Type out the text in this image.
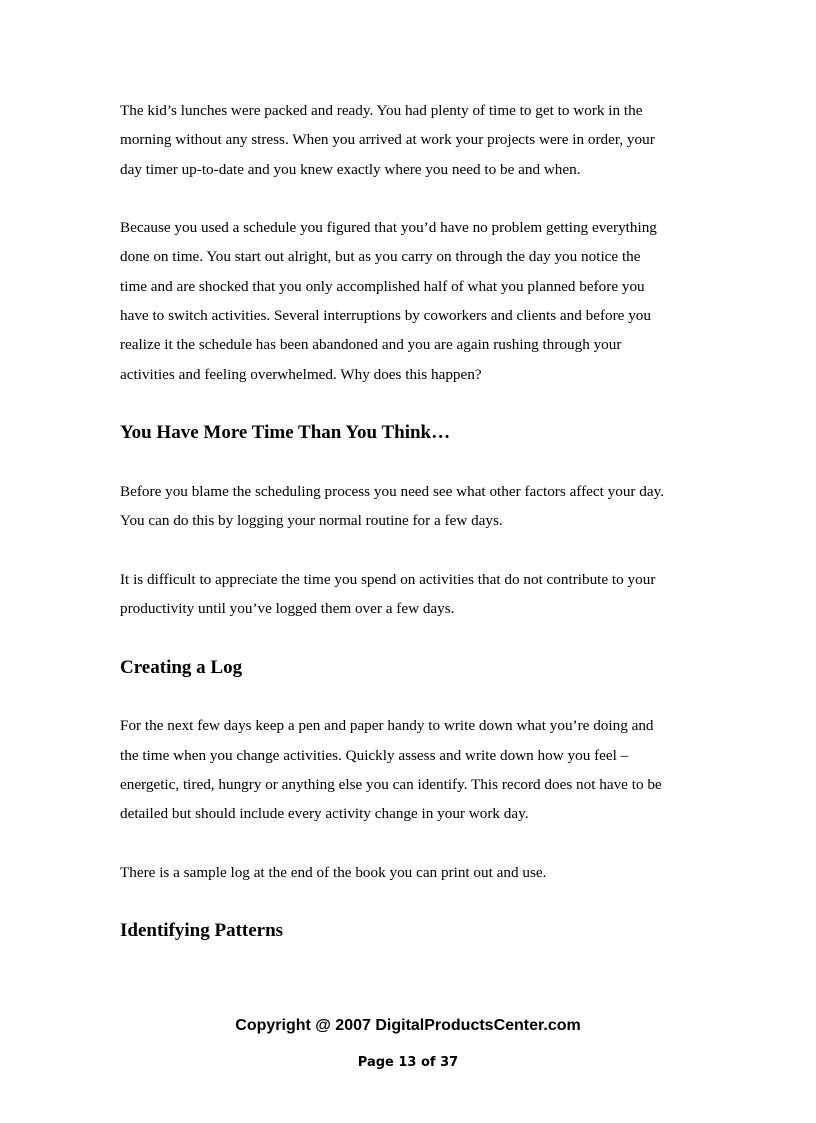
The kid’s lunches were packed and ready. You had plenty of time to get to work in the
morning without any stress. When you arrived at work your projects were in order, your
day timer up-to-date and you knew exactly where you need to be and when.

Because you used a schedule you figured that you’d have no problem getting everything
done on time. You start out alright, but as you carry on through the day you notice the
time and are shocked that you only accomplished half of what you planned before you
have to switch activities. Several interruptions by coworkers and clients and before you
realize it the schedule has been abandoned and you are again rushing through your
activities and feeling overwhelmed. Why does this happen?

You Have More Time Than You Think…

Before you blame the scheduling process you need see what other factors affect your day.
You can do this by logging your normal routine for a few days.

It is difficult to appreciate the time you spend on activities that do not contribute to your
productivity until you’ve logged them over a few days.

Creating a Log

For the next few days keep a pen and paper handy to write down what you’re doing and
the time when you change activities. Quickly assess and write down how you feel –
energetic, tired, hungry or anything else you can identify. This record does not have to be
detailed but should include every activity change in your work day.

There is a sample log at the end of the book you can print out and use.

Identifying Patterns
Copyright @ 2007 DigitalProductsCenter.com
Page 13 of 37
